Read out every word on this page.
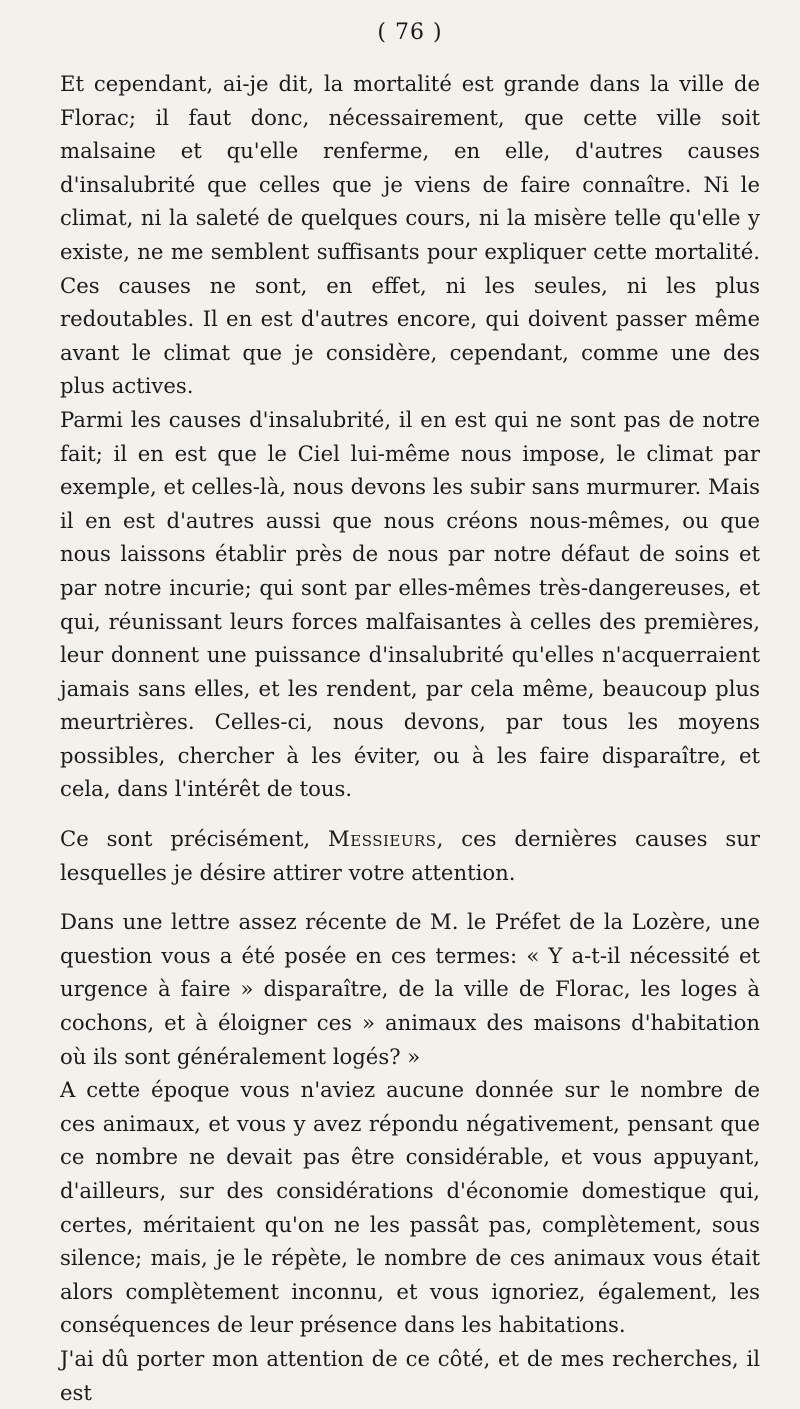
( 76 )

Et cependant, ai-je dit, la mortalité est grande dans la ville de Florac; il faut donc, nécessairement, que cette ville soit malsaine et qu'elle renferme, en elle, d'autres causes d'insalubrité que celles que je viens de faire connaître. Ni le climat, ni la saleté de quelques cours, ni la misère telle qu'elle y existe, ne me semblent suffisants pour expliquer cette mortalité. Ces causes ne sont, en effet, ni les seules, ni les plus redoutables. Il en est d'autres encore, qui doivent passer même avant le climat que je considère, cependant, comme une des plus actives.

Parmi les causes d'insalubrité, il en est qui ne sont pas de notre fait; il en est que le Ciel lui-même nous impose, le climat par exemple, et celles-là, nous devons les subir sans murmurer. Mais il en est d'autres aussi que nous créons nous-mêmes, ou que nous laissons établir près de nous par notre défaut de soins et par notre incurie; qui sont par elles-mêmes très-dangereuses, et qui, réunissant leurs forces malfaisantes à celles des premières, leur donnent une puissance d'insalubrité qu'elles n'acquerraient jamais sans elles, et les rendent, par cela même, beaucoup plus meurtrières. Celles-ci, nous devons, par tous les moyens possibles, chercher à les éviter, ou à les faire disparaître, et cela, dans l'intérêt de tous.

Ce sont précisément, Messieurs, ces dernières causes sur lesquelles je désire attirer votre attention.

Dans une lettre assez récente de M. le Préfet de la Lozère, une question vous a été posée en ces termes: « Y a-t-il nécessité et urgence à faire » disparaître, de la ville de Florac, les loges à cochons, et à éloigner ces » animaux des maisons d'habitation où ils sont généralement logés? »

A cette époque vous n'aviez aucune donnée sur le nombre de ces animaux, et vous y avez répondu négativement, pensant que ce nombre ne devait pas être considérable, et vous appuyant, d'ailleurs, sur des considérations d'économie domestique qui, certes, méritaient qu'on ne les passât pas, complètement, sous silence; mais, je le répète, le nombre de ces animaux vous était alors complètement inconnu, et vous ignoriez, également, les conséquences de leur présence dans les habitations.

J'ai dû porter mon attention de ce côté, et de mes recherches, il est
